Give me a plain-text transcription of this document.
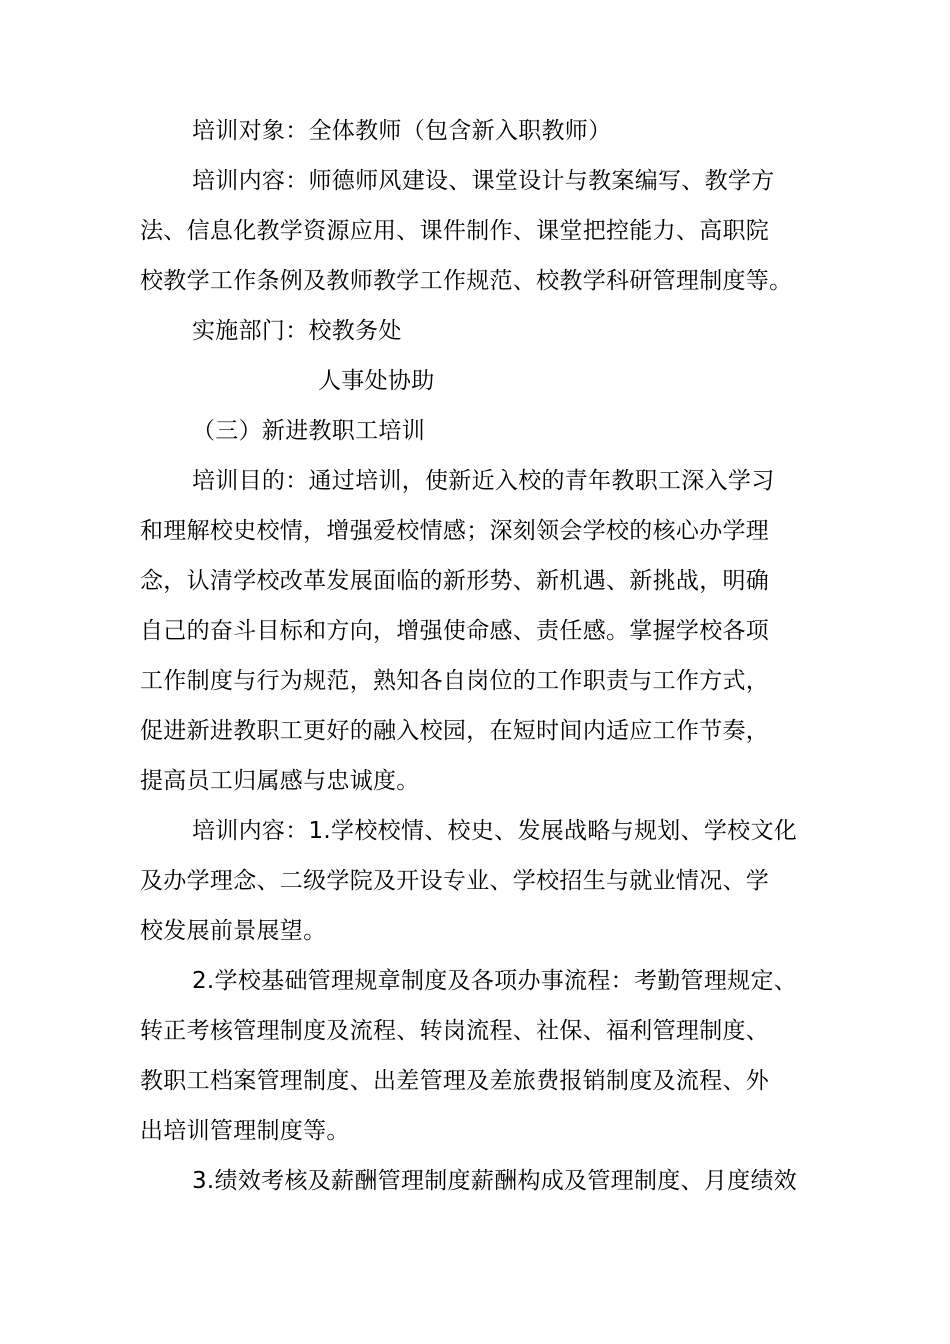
培训对象：全体教师（包含新入职教师）
培训内容：师德师风建设、课堂设计与教案编写、教学方
法、信息化教学资源应用、课件制作、课堂把控能力、高职院
校教学工作条例及教师教学工作规范、校教学科研管理制度等。
实施部门：校教务处
人事处协助
（三）新进教职工培训
培训目的：通过培训，使新近入校的青年教职工深入学习
和理解校史校情，增强爱校情感；深刻领会学校的核心办学理
念，认清学校改革发展面临的新形势、新机遇、新挑战，明确
自己的奋斗目标和方向，增强使命感、责任感。掌握学校各项
工作制度与行为规范，熟知各自岗位的工作职责与工作方式，
促进新进教职工更好的融入校园，在短时间内适应工作节奏，
提高员工归属感与忠诚度。
培训内容：1.学校校情、校史、发展战略与规划、学校文化
及办学理念、二级学院及开设专业、学校招生与就业情况、学
校发展前景展望。
2.学校基础管理规章制度及各项办事流程：考勤管理规定、
转正考核管理制度及流程、转岗流程、社保、福利管理制度、
教职工档案管理制度、出差管理及差旅费报销制度及流程、外
出培训管理制度等。
3.绩效考核及薪酬管理制度薪酬构成及管理制度、月度绩效
